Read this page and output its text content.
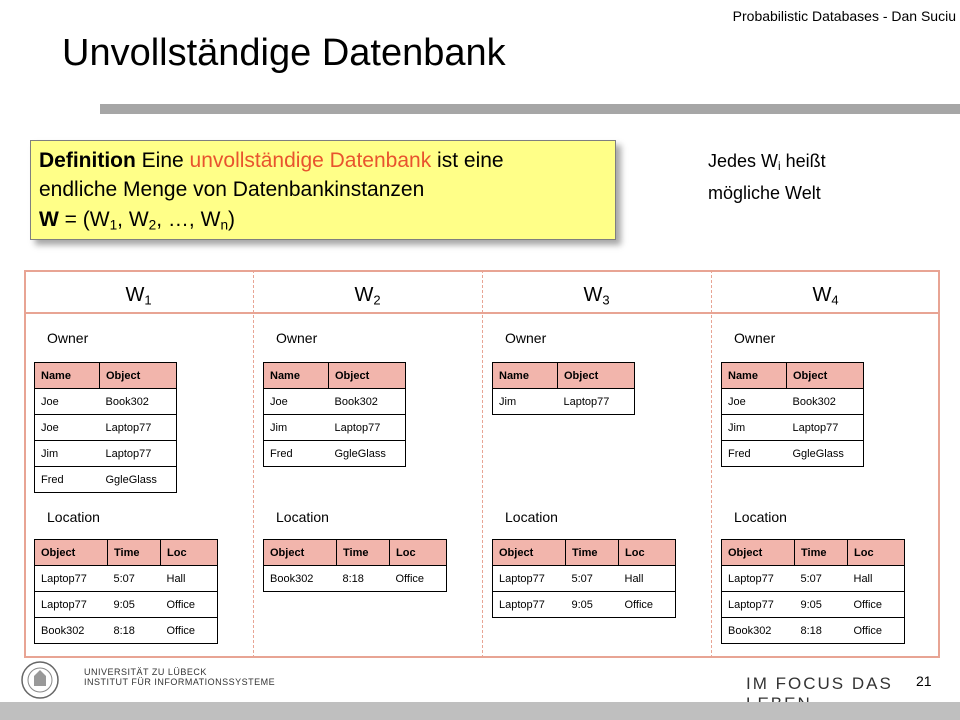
Probabilistic Databases - Dan Suciu
Unvollständige Datenbank
Definition Eine unvollständige Datenbank ist eine
endliche Menge von Datenbankinstanzen
$W = (W_1$, $W_2$, …, $W_n$)
Jedes $W_i$ heißt
mögliche Welt
$W_1$
Owner
Name	Object
Joe	Book302
Joe	Laptop77
Jim	Laptop77
Fred	GgleGlass
Location
Object	Time	Loc
Laptop77	5:07	Hall
Laptop77	9:05	Office
Book302	8:18	Office
$W_2$
Owner
Name	Object
Joe	Book302
Jim	Laptop77
Fred	GgleGlass
Location
Object	Time	Loc
Book302	8:18	Office
$W_3$
Owner
Name	Object
Jim	Laptop77
Location
Object	Time	Loc
Laptop77	5:07	Hall
Laptop77	9:05	Office
$W_4$
Owner
Name	Object
Joe	Book302
Jim	Laptop77
Fred	GgleGlass
Location
Object	Time	Loc
Laptop77	5:07	Hall
Laptop77	9:05	Office
Book302	8:18	Office
UNIVERSITÄT ZU LÜBECK
INSTITUT FÜR INFORMATIONSSYSTEME	IM FOCUS DAS	21
